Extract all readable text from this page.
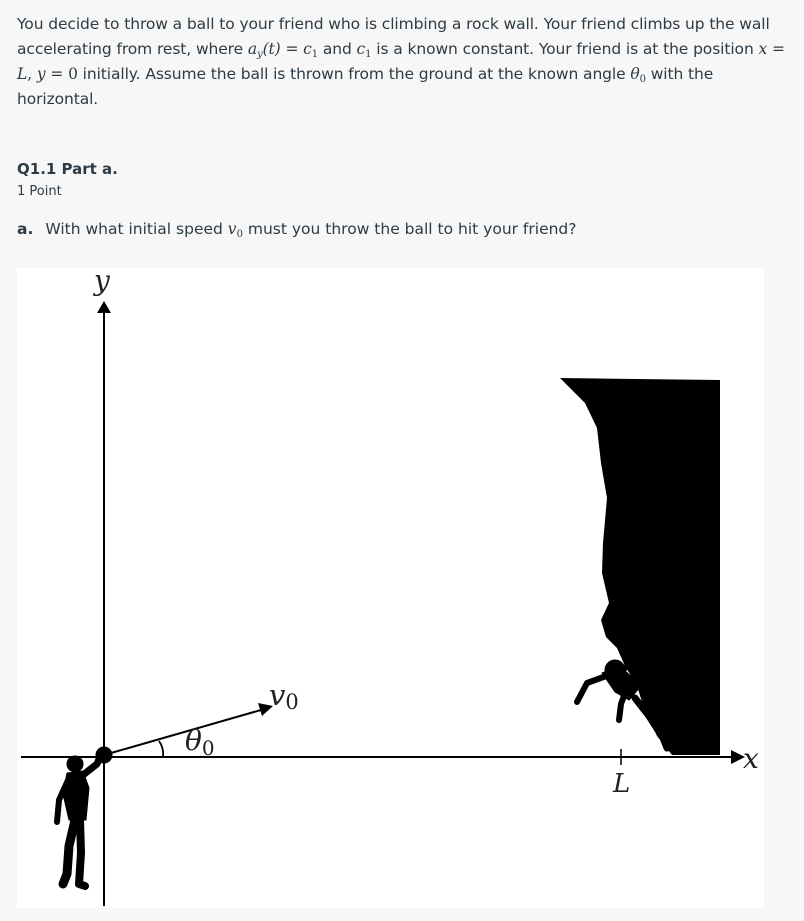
You decide to throw a ball to your friend who is climbing a rock wall. Your friend climbs up the wall accelerating from rest, where $a_y(t) = c_1$ and $c_1$ is a known constant. Your friend is at the position x = L, y = 0 initially. Assume the ball is thrown from the ground at the known angle $\theta_0$ with the horizontal.
Q1.1 Part a.
1 Point
a. With what initial speed $v_0$ must you throw the ball to hit your friend?
y
x
v0
θ0
L
